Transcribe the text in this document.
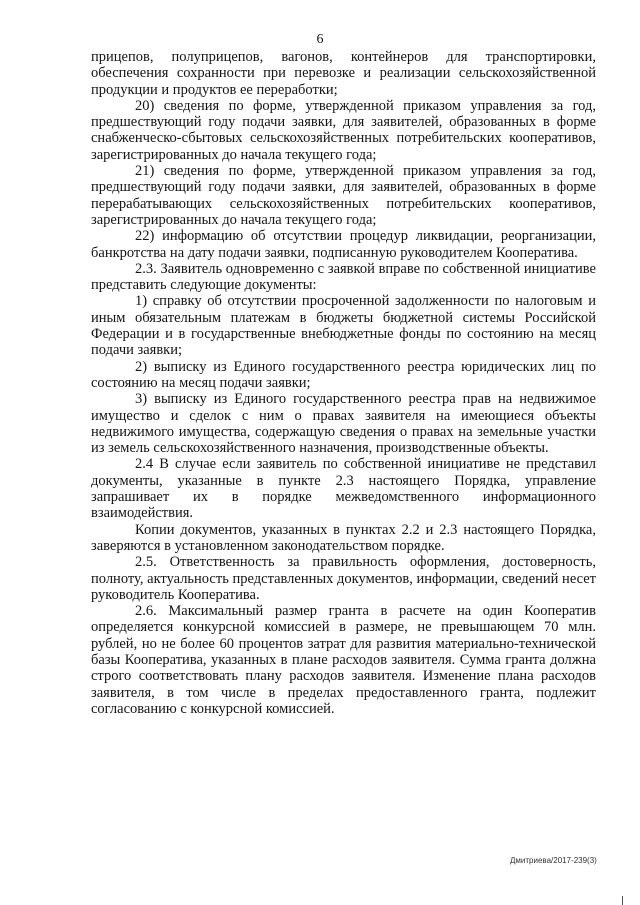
6

прицепов, полуприцепов, вагонов, контейнеров для транспортировки, обеспечения сохранности при перевозке и реализации сельскохозяйственной продукции и продуктов ее переработки;

20) сведения по форме, утвержденной приказом управления за год, предшествующий году подачи заявки, для заявителей, образованных в форме снабженческо-сбытовых сельскохозяйственных потребительских кооперативов, зарегистрированных до начала текущего года;

21) сведения по форме, утвержденной приказом управления за год, предшествующий году подачи заявки, для заявителей, образованных в форме перерабатывающих сельскохозяйственных потребительских кооперативов, зарегистрированных до начала текущего года;

22) информацию об отсутствии процедур ликвидации, реорганизации, банкротства на дату подачи заявки, подписанную руководителем Кооператива.

2.3. Заявитель одновременно с заявкой вправе по собственной инициативе представить следующие документы:

1) справку об отсутствии просроченной задолженности по налоговым и иным обязательным платежам в бюджеты бюджетной системы Российской Федерации и в государственные внебюджетные фонды по состоянию на месяц подачи заявки;

2) выписку из Единого государственного реестра юридических лиц по состоянию на месяц подачи заявки;

3) выписку из Единого государственного реестра прав на недвижимое имущество и сделок с ним о правах заявителя на имеющиеся объекты недвижимого имущества, содержащую сведения о правах на земельные участки из земель сельскохозяйственного назначения, производственные объекты.

2.4 В случае если заявитель по собственной инициативе не представил документы, указанные в пункте 2.3 настоящего Порядка, управление запрашивает их в порядке межведомственного информационного взаимодействия.

Копии документов, указанных в пунктах 2.2 и 2.3 настоящего Порядка, заверяются в установленном законодательством порядке.

2.5. Ответственность за правильность оформления, достоверность, полноту, актуальность представленных документов, информации, сведений несет руководитель Кооператива.

2.6. Максимальный размер гранта в расчете на один Кооператив определяется конкурсной комиссией в размере, не превышающем 70 млн. рублей, но не более 60 процентов затрат для развития материально-технической базы Кооператива, указанных в плане расходов заявителя. Сумма гранта должна строго соответствовать плану расходов заявителя. Изменение плана расходов заявителя, в том числе в пределах предоставленного гранта, подлежит согласованию с конкурсной комиссией.

Дмитриева/2017-239(3)
